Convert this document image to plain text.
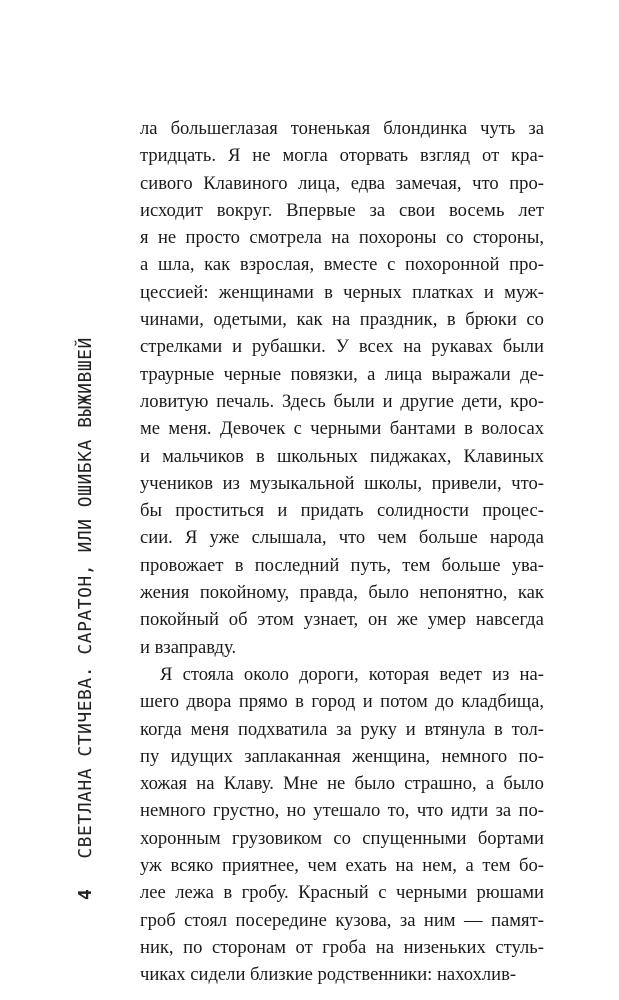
4
СВЕТЛАНА СТИЧЕВА. САРАТОН, ИЛИ ОШИБКА ВЫЖИВШЕЙ
ла большеглазая тоненькая блондинка чуть за
тридцать. Я не могла оторвать взгляд от кра-
сивого Клавиного лица, едва замечая, что про-
исходит вокруг. Впервые за свои восемь лет
я не просто смотрела на похороны со стороны,
а шла, как взрослая, вместе с похоронной про-
цессией: женщинами в черных платках и муж-
чинами, одетыми, как на праздник, в брюки со
стрелками и рубашки. У всех на рукавах были
траурные черные повязки, а лица выражали де-
ловитую печаль. Здесь были и другие дети, кро-
ме меня. Девочек с черными бантами в волосах
и мальчиков в школьных пиджаках, Клавиных
учеников из музыкальной школы, привели, что-
бы проститься и придать солидности процес-
сии. Я уже слышала, что чем больше народа
провожает в последний путь, тем больше ува-
жения покойному, правда, было непонятно, как
покойный об этом узнает, он же умер навсегда
и взаправду.
Я стояла около дороги, которая ведет из на-
шего двора прямо в город и потом до кладбища,
когда меня подхватила за руку и втянула в тол-
пу идущих заплаканная женщина, немного по-
хожая на Клаву. Мне не было страшно, а было
немного грустно, но утешало то, что идти за по-
хоронным грузовиком со спущенными бортами
уж всяко приятнее, чем ехать на нем, а тем бо-
лее лежа в гробу. Красный с черными рюшами
гроб стоял посередине кузова, за ним — памят-
ник, по сторонам от гроба на низеньких стуль-
чиках сидели близкие родственники: нахохлив-
